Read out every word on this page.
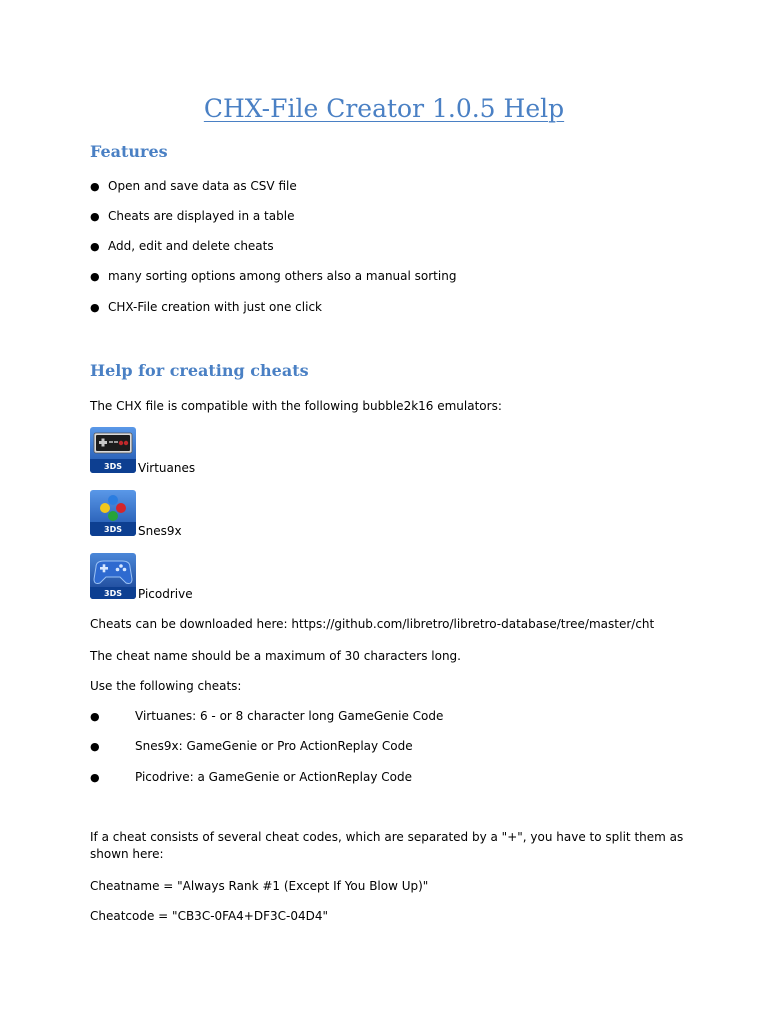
CHX-File Creator 1.0.5 Help
Features
● Open and save data as CSV file
● Cheats are displayed in a table
● Add, edit and delete cheats
● many sorting options among others also a manual sorting
● CHX-File creation with just one click
Help for creating cheats

The CHX file is compatible with the following bubble2k16 emulators:

3DS Virtuanes
3DS Snes9x
3DS Picodrive

Cheats can be downloaded here: https://github.com/libretro/libretro-database/tree/master/cht

The cheat name should be a maximum of 30 characters long.

Use the following cheats:

●	Virtuanes: 6 - or 8 character long GameGenie Code
●	Snes9x: GameGenie or Pro ActionReplay Code
●	Picodrive: a GameGenie or ActionReplay Code

If a cheat consists of several cheat codes, which are separated by a "+", you have to split them as shown here:

Cheatname = "Always Rank #1 (Except If You Blow Up)"

Cheatcode = "CB3C-0FA4+DF3C-04D4"
